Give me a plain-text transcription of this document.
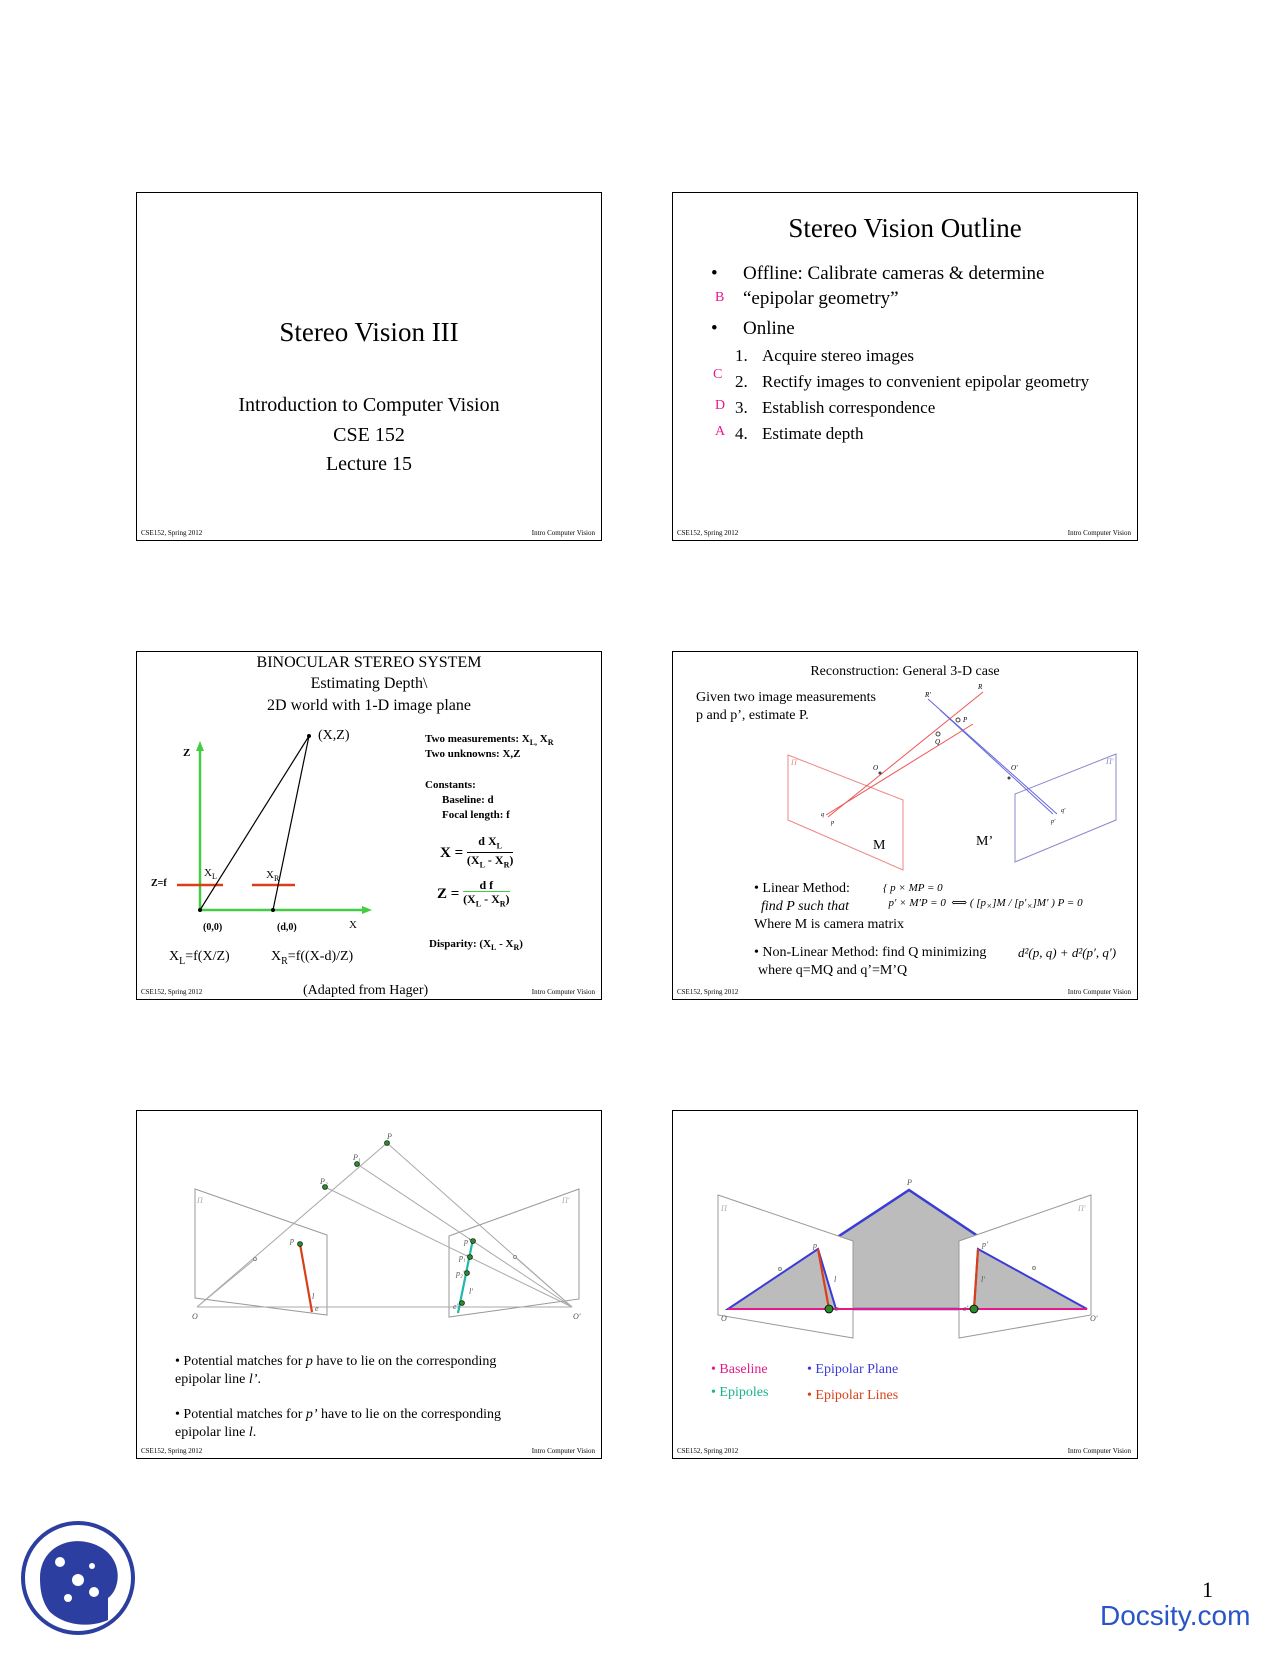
Stereo Vision III
Introduction to Computer Vision
CSE 152
Lecture 15
CSE152, Spring 2012	Intro Computer Vision
Stereo Vision Outline
• Offline: Calibrate cameras & determine
B “epipolar geometry”
• Online
1. Acquire stereo images
C 2. Rectify images to convenient epipolar geometry
D 3. Establish correspondence
A 4. Estimate depth
CSE152, Spring 2012	Intro Computer Vision
BINOCULAR STEREO SYSTEM
Estimating Depth\
2D world with 1-D image plane
(X,Z)
Z
X
Z=f
$X_L$	$X_R$
(0,0)	(d,0)
Two measurements: $X_{L,}$ $X_R$
Two unknowns: X,Z
Constants:
Baseline: d
Focal length: f
$X = \frac{d X_L}{(X_L - X_R)}$
$Z = \frac{\text{d f}}{(X_L - X_R)}$
Disparity: $(X_L - X_R)$
$X_L=f(X/Z)$	$X_R=f((X-d)/Z)$
(Adapted from Hager)
CSE152, Spring 2012	Intro Computer Vision
R'
R
P
Q
O	O'
Π	Π'
q
p
q'
p'
Reconstruction: General 3-D case
Given two image measurements
p and p’, estimate P.
M	M’
• Linear Method:
find P such that
{ p × MP = 0
p′ × M′P = 0  ⟺ ( $[p_\times]M / [p'_\times]M'$ ) P = 0
Where M is camera matrix
• Non-Linear Method: find Q minimizing d²(p, q) + d²(p′, q′)
where q=MQ and q’=M’Q
CSE152, Spring 2012	Intro Computer Vision
P
P₁
P₂
p	p'
p₁'
p₂'
l
e
l'
e'
O	O'
Π	Π'
• Potential matches for p have to lie on the corresponding
epipolar line l’.
• Potential matches for p’ have to lie on the corresponding
epipolar line l.
CSE152, Spring 2012	Intro Computer Vision
P
p	p'
l	l'
O	O'
Π	Π'
e	e'
• Baseline
• Epipoles
• Epipolar Plane
• Epipolar Lines
CSE152, Spring 2012	Intro Computer Vision
1
Docsity.com
